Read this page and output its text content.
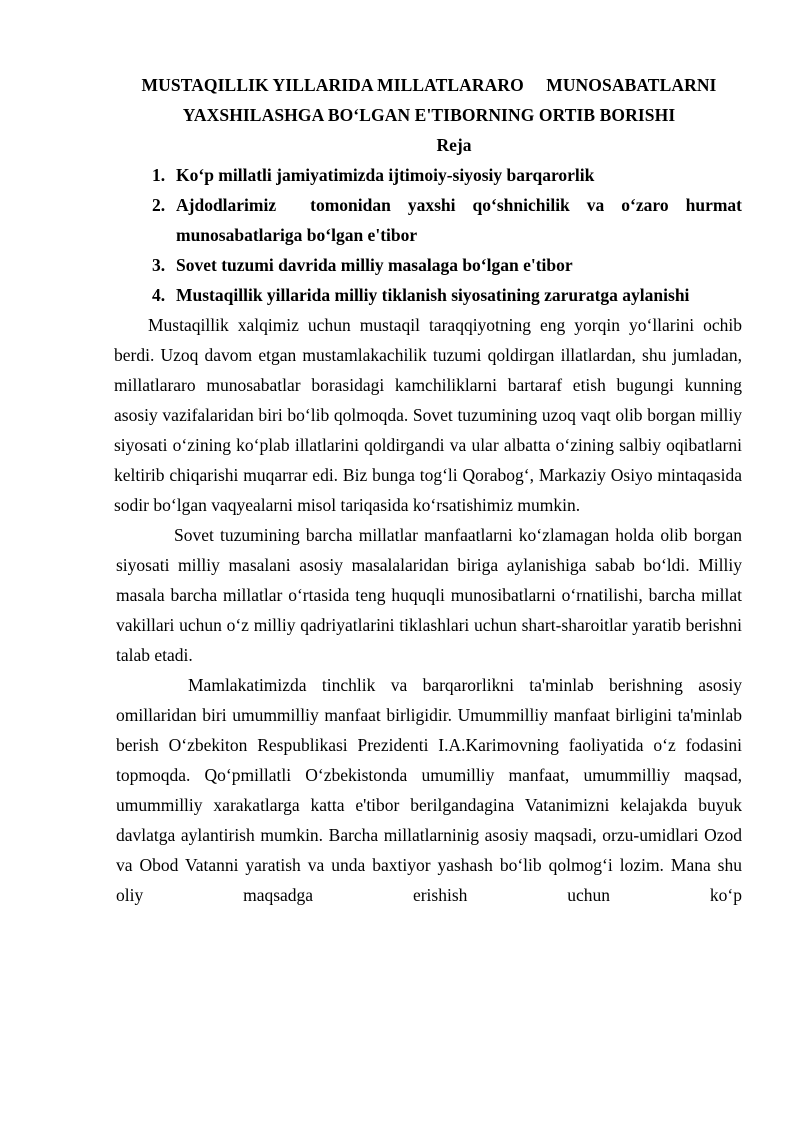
MUSTAQILLIK YILLARIDA MILLATLARARO     MUNOSABATLARNI
YAXSHILASHGA BO‘LGAN E'TIBORNING ORTIB BORISHI
Reja
1. Ko‘p millatli jamiyatimizda ijtimoiy-siyosiy barqarorlik
2. Ajdodlarimiz  tomonidan yaxshi qo‘shnichilik va o‘zaro hurmat
munosabatlariga bo‘lgan e'tibor
3. Sovet tuzumi davrida milliy masalaga bo‘lgan e'tibor
4. Mustaqillik yillarida milliy tiklanish siyosatining zaruratga aylanishi

Mustaqillik xalqimiz uchun mustaqil taraqqiyotning eng yorqin yo‘llarini ochib berdi. Uzoq davom etgan mustamlakachilik tuzumi qoldirgan illatlardan, shu jumladan, millatlararo munosabatlar borasidagi kamchiliklarni bartaraf etish bugungi kunning asosiy vazifalaridan biri bo‘lib qolmoqda. Sovet tuzumining uzoq vaqt olib borgan milliy siyosati o‘zining ko‘plab illatlarini qoldirgandi va ular albatta o‘zining salbiy oqibatlarni keltirib chiqarishi muqarrar edi. Biz bunga tog‘li Qorabog‘, Markaziy Osiyo mintaqasida sodir bo‘lgan vaqyealarni misol tariqasida ko‘rsatishimiz mumkin.

Sovet tuzumining barcha millatlar manfaatlarni ko‘zlamagan holda olib borgan siyosati milliy masalani asosiy masalalaridan biriga aylanishiga sabab bo‘ldi. Milliy masala barcha millatlar o‘rtasida teng huquqli munosibatlarni o‘rnatilishi, barcha millat vakillari uchun o‘z milliy qadriyatlarini tiklashlari uchun shart-sharoitlar yaratib berishni talab etadi.

Mamlakatimizda tinchlik va barqarorlikni ta'minlab berishning asosiy omillaridan biri umummilliy manfaat birligidir. Umummilliy manfaat birligini ta'minlab berish O‘zbekiton Respublikasi Prezidenti I.A.Karimovning faoliyatida o‘z fodasini topmoqda. Qo‘pmillatli O‘zbekistonda umumilliy manfaat, umummilliy maqsad, umummilliy xarakatlarga katta e'tibor berilgandagina Vatanimizni kelajakda buyuk davlatga aylantirish mumkin. Barcha millatlarninig asosiy maqsadi, orzu-umidlari Ozod va Obod Vatanni yaratish va unda baxtiyor yashash bo‘lib qolmog‘i lozim. Mana shu oliy maqsadga erishish uchun ko‘p
